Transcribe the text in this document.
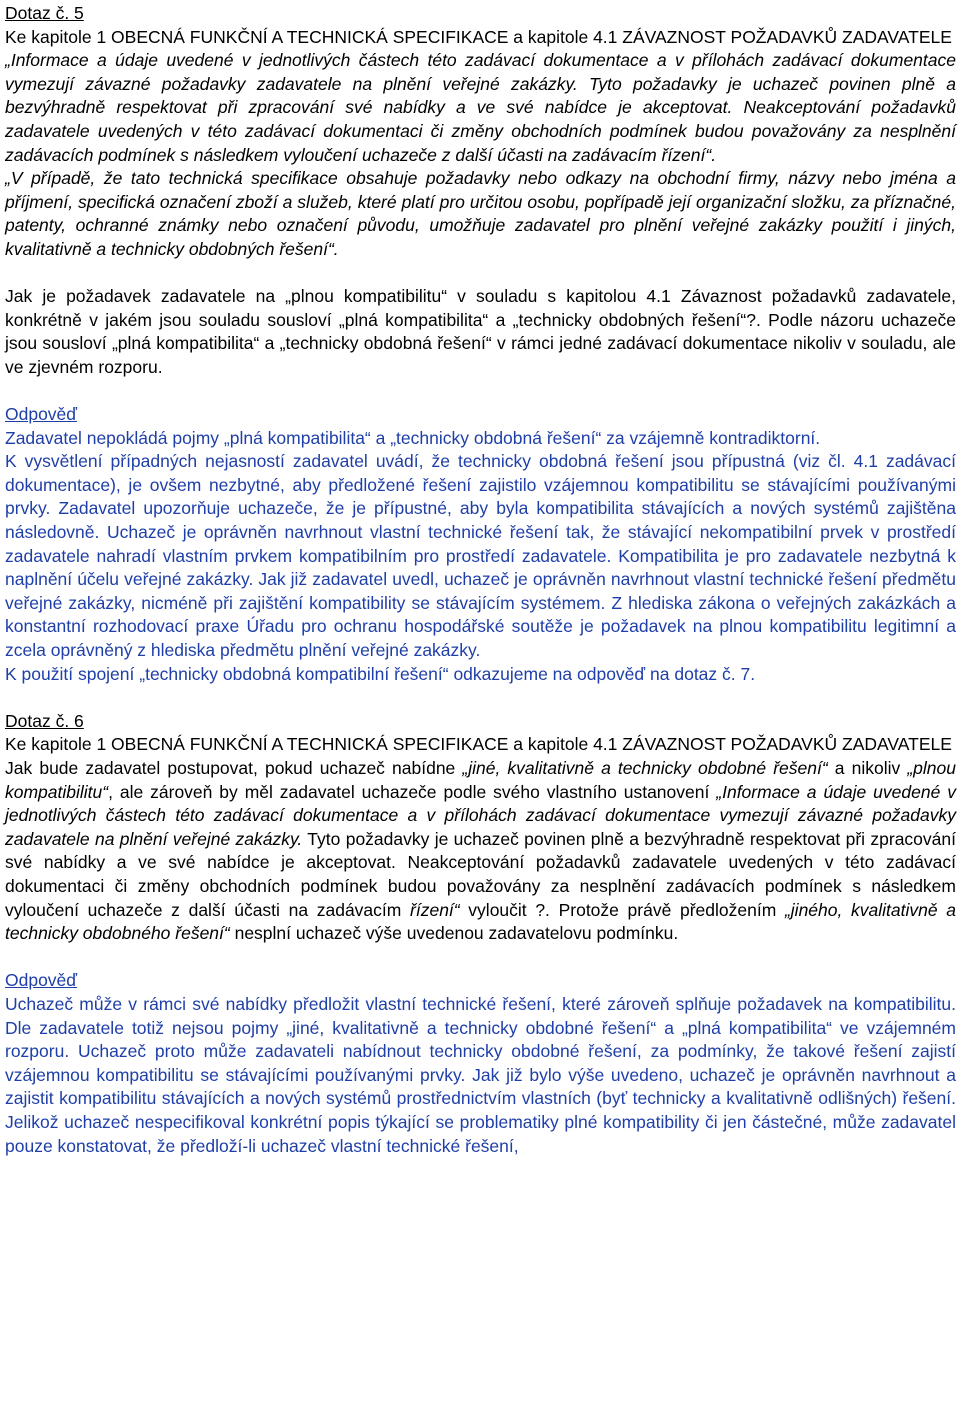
Dotaz č. 5

Ke kapitole 1 OBECNÁ FUNKČNÍ A TECHNICKÁ SPECIFIKACE a kapitole 4.1 ZÁVAZNOST POŽADAVKŮ ZADAVATELE

„Informace a údaje uvedené v jednotlivých částech této zadávací dokumentace a v přílohách zadávací dokumentace vymezují závazné požadavky zadavatele na plnění veřejné zakázky. Tyto požadavky je uchazeč povinen plně a bezvýhradně respektovat při zpracování své nabídky a ve své nabídce je akceptovat. Neakceptování požadavků zadavatele uvedených v této zadávací dokumentaci či změny obchodních podmínek budou považovány za nesplnění zadávacích podmínek s následkem vyloučení uchazeče z další účasti na zadávacím řízení“.

„V případě, že tato technická specifikace obsahuje požadavky nebo odkazy na obchodní firmy, názvy nebo jména a příjmení, specifická označení zboží a služeb, které platí pro určitou osobu, popřípadě její organizační složku, za příznačné, patenty, ochranné známky nebo označení původu, umožňuje zadavatel pro plnění veřejné zakázky použití i jiných, kvalitativně a technicky obdobných řešení“.

Jak je požadavek zadavatele na „plnou kompatibilitu“ v souladu s kapitolou 4.1 Závaznost požadavků zadavatele, konkrétně v jakém jsou souladu sousloví „plná kompatibilita“ a „technicky obdobných řešení“?. Podle názoru uchazeče jsou sousloví „plná kompatibilita“ a „technicky obdobná řešení“ v rámci jedné zadávací dokumentace nikoliv v souladu, ale ve zjevném rozporu.

Odpověď

Zadavatel nepokládá pojmy „plná kompatibilita“ a „technicky obdobná řešení“ za vzájemně kontradiktorní.

K vysvětlení případných nejasností zadavatel uvádí, že technicky obdobná řešení jsou přípustná (viz čl. 4.1 zadávací dokumentace), je ovšem nezbytné, aby předložené řešení zajistilo vzájemnou kompatibilitu se stávajícími používanými prvky. Zadavatel upozorňuje uchazeče, že je přípustné, aby byla kompatibilita stávajících a nových systémů zajištěna následovně. Uchazeč je oprávněn navrhnout vlastní technické řešení tak, že stávající nekompatibilní prvek v prostředí zadavatele nahradí vlastním prvkem kompatibilním pro prostředí zadavatele. Kompatibilita je pro zadavatele nezbytná k naplnění účelu veřejné zakázky. Jak již zadavatel uvedl, uchazeč je oprávněn navrhnout vlastní technické řešení předmětu veřejné zakázky, nicméně při zajištění kompatibility se stávajícím systémem. Z hlediska zákona o veřejných zakázkách a konstantní rozhodovací praxe Úřadu pro ochranu hospodářské soutěže je požadavek na plnou kompatibilitu legitimní a zcela oprávněný z hlediska předmětu plnění veřejné zakázky.

K použití spojení „technicky obdobná kompatibilní řešení“ odkazujeme na odpověď na dotaz č. 7.

Dotaz č. 6

Ke kapitole 1 OBECNÁ FUNKČNÍ A TECHNICKÁ SPECIFIKACE a kapitole 4.1 ZÁVAZNOST POŽADAVKŮ ZADAVATELE

Jak bude zadavatel postupovat, pokud uchazeč nabídne „jiné, kvalitativně a technicky obdobné řešení“ a nikoliv „plnou kompatibilitu“, ale zároveň by měl zadavatel uchazeče podle svého vlastního ustanovení „Informace a údaje uvedené v jednotlivých částech této zadávací dokumentace a v přílohách zadávací dokumentace vymezují závazné požadavky zadavatele na plnění veřejné zakázky. Tyto požadavky je uchazeč povinen plně a bezvýhradně respektovat při zpracování své nabídky a ve své nabídce je akceptovat. Neakceptování požadavků zadavatele uvedených v této zadávací dokumentaci či změny obchodních podmínek budou považovány za nesplnění zadávacích podmínek s následkem vyloučení uchazeče z další účasti na zadávacím řízení“ vyloučit ?. Protože právě předložením „jiného, kvalitativně a technicky obdobného řešení“ nesplní uchazeč výše uvedenou zadavatelovu podmínku.

Odpověď

Uchazeč může v rámci své nabídky předložit vlastní technické řešení, které zároveň splňuje požadavek na kompatibilitu. Dle zadavatele totiž nejsou pojmy „jiné, kvalitativně a technicky obdobné řešení“ a „plná kompatibilita“ ve vzájemném rozporu. Uchazeč proto může zadavateli nabídnout technicky obdobné řešení, za podmínky, že takové řešení zajistí vzájemnou kompatibilitu se stávajícími používanými prvky. Jak již bylo výše uvedeno, uchazeč je oprávněn navrhnout a zajistit kompatibilitu stávajících a nových systémů prostřednictvím vlastních (byť technicky a kvalitativně odlišných) řešení. Jelikož uchazeč nespecifikoval konkrétní popis týkající se problematiky plné kompatibility či jen částečné, může zadavatel pouze konstatovat, že předloží-li uchazeč vlastní technické řešení,
